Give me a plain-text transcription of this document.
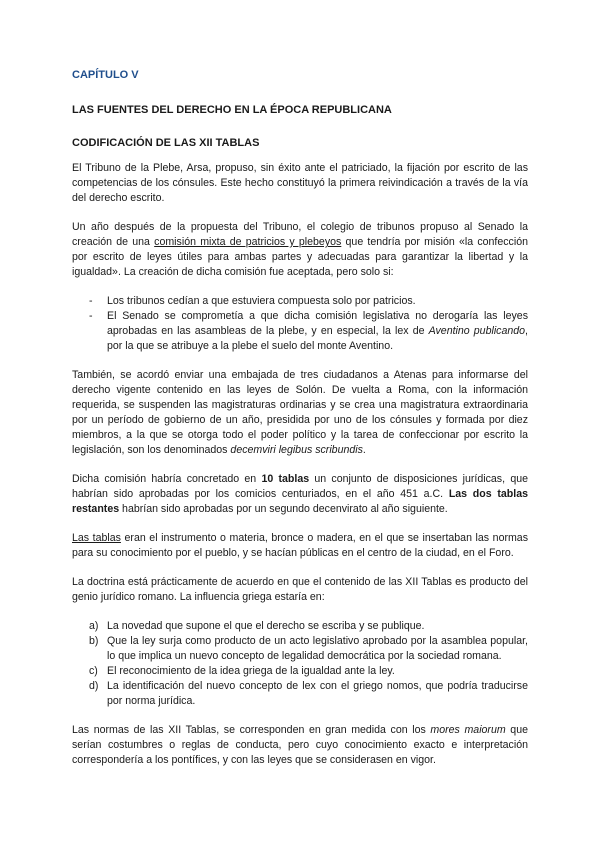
CAPÍTULO V
LAS FUENTES DEL DERECHO EN LA ÉPOCA REPUBLICANA
CODIFICACIÓN DE LAS XII TABLAS

El Tribuno de la Plebe, Arsa, propuso, sin éxito ante el patriciado, la fijación por escrito de las competencias de los cónsules. Este hecho constituyó la primera reivindicación a través de la vía del derecho escrito.

Un año después de la propuesta del Tribuno, el colegio de tribunos propuso al Senado la creación de una comisión mixta de patricios y plebeyos que tendría por misión «la confección por escrito de leyes útiles para ambas partes y adecuadas para garantizar la libertad y la igualdad». La creación de dicha comisión fue aceptada, pero solo si:

- Los tribunos cedían a que estuviera compuesta solo por patricios.
- El Senado se comprometía a que dicha comisión legislativa no derogaría las leyes aprobadas en las asambleas de la plebe, y en especial, la lex de Aventino publicando, por la que se atribuye a la plebe el suelo del monte Aventino.

También, se acordó enviar una embajada de tres ciudadanos a Atenas para informarse del derecho vigente contenido en las leyes de Solón. De vuelta a Roma, con la información requerida, se suspenden las magistraturas ordinarias y se crea una magistratura extraordinaria por un período de gobierno de un año, presidida por uno de los cónsules y formada por diez miembros, a la que se otorga todo el poder político y la tarea de confeccionar por escrito la legislación, son los denominados decemviri legibus scribundis.

Dicha comisión habría concretado en 10 tablas un conjunto de disposiciones jurídicas, que habrían sido aprobadas por los comicios centuriados, en el año 451 a.C. Las dos tablas restantes habrían sido aprobadas por un segundo decenvirato al año siguiente.

Las tablas eran el instrumento o materia, bronce o madera, en el que se insertaban las normas para su conocimiento por el pueblo, y se hacían públicas en el centro de la ciudad, en el Foro.

La doctrina está prácticamente de acuerdo en que el contenido de las XII Tablas es producto del genio jurídico romano. La influencia griega estaría en:

a) La novedad que supone el que el derecho se escriba y se publique.
b) Que la ley surja como producto de un acto legislativo aprobado por la asamblea popular, lo que implica un nuevo concepto de legalidad democrática por la sociedad romana.
c) El reconocimiento de la idea griega de la igualdad ante la ley.
d) La identificación del nuevo concepto de lex con el griego nomos, que podría traducirse por norma jurídica.

Las normas de las XII Tablas, se corresponden en gran medida con los mores maiorum que serían costumbres o reglas de conducta, pero cuyo conocimiento exacto e interpretación correspondería a los pontífices, y con las leyes que se considerasen en vigor.
